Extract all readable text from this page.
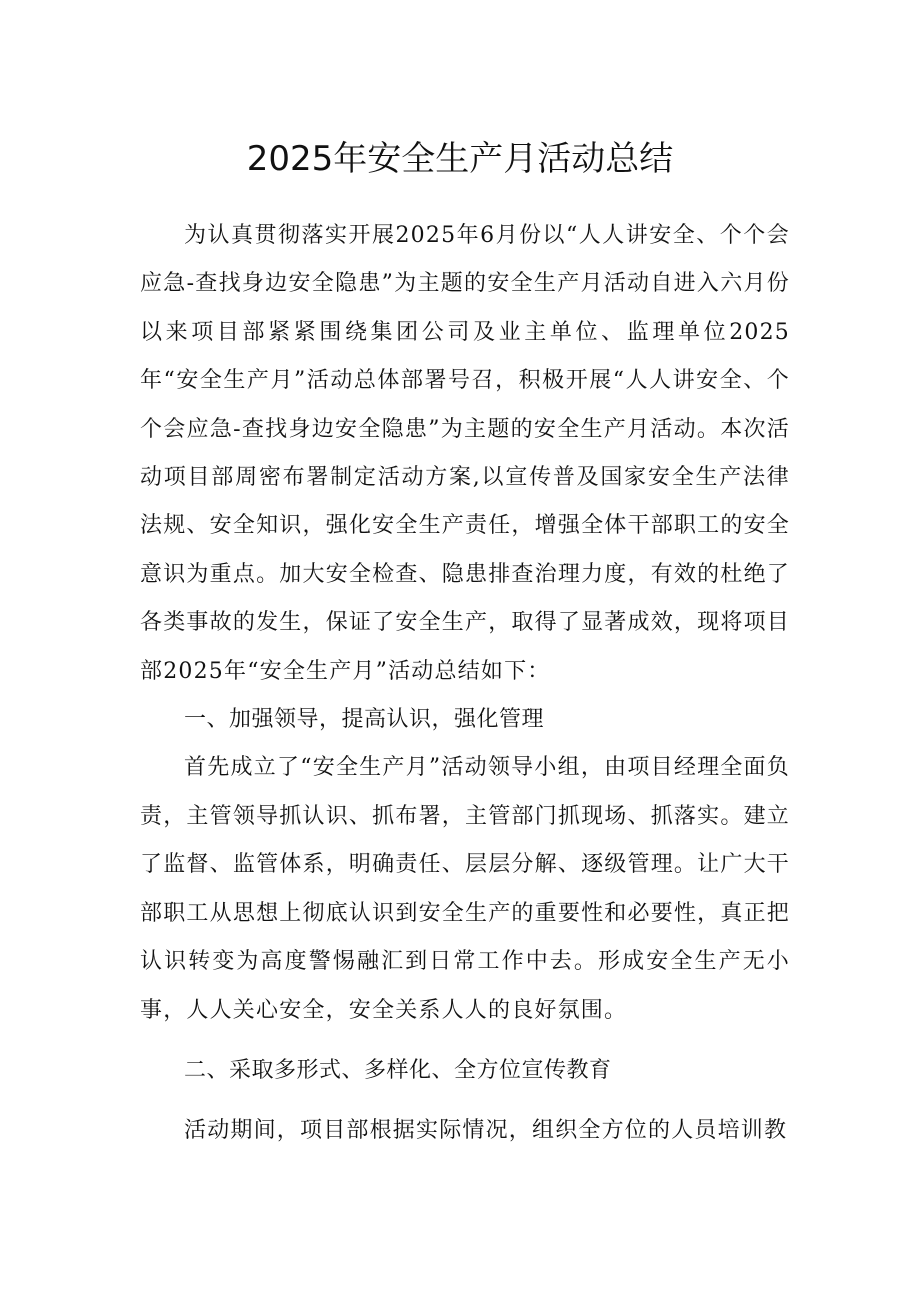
2025年安全生产月活动总结

为认真贯彻落实开展2025年6月份以“人人讲安全、个个会应急-查找身边安全隐患”为主题的安全生产月活动自进入六月份以来项目部紧紧围绕集团公司及业主单位、监理单位2025年“安全生产月”活动总体部署号召，积极开展“人人讲安全、个个会应急-查找身边安全隐患”为主题的安全生产月活动。本次活动项目部周密布署制定活动方案,以宣传普及国家安全生产法律法规、安全知识，强化安全生产责任，增强全体干部职工的安全意识为重点。加大安全检查、隐患排查治理力度，有效的杜绝了各类事故的发生，保证了安全生产，取得了显著成效，现将项目部2025年“安全生产月”活动总结如下：

一、加强领导，提高认识，强化管理

首先成立了“安全生产月”活动领导小组，由项目经理全面负责，主管领导抓认识、抓布署，主管部门抓现场、抓落实。建立了监督、监管体系，明确责任、层层分解、逐级管理。让广大干部职工从思想上彻底认识到安全生产的重要性和必要性，真正把认识转变为高度警惕融汇到日常工作中去。形成安全生产无小事，人人关心安全，安全关系人人的良好氛围。

二、采取多形式、多样化、全方位宣传教育

活动期间，项目部根据实际情况，组织全方位的人员培训教
